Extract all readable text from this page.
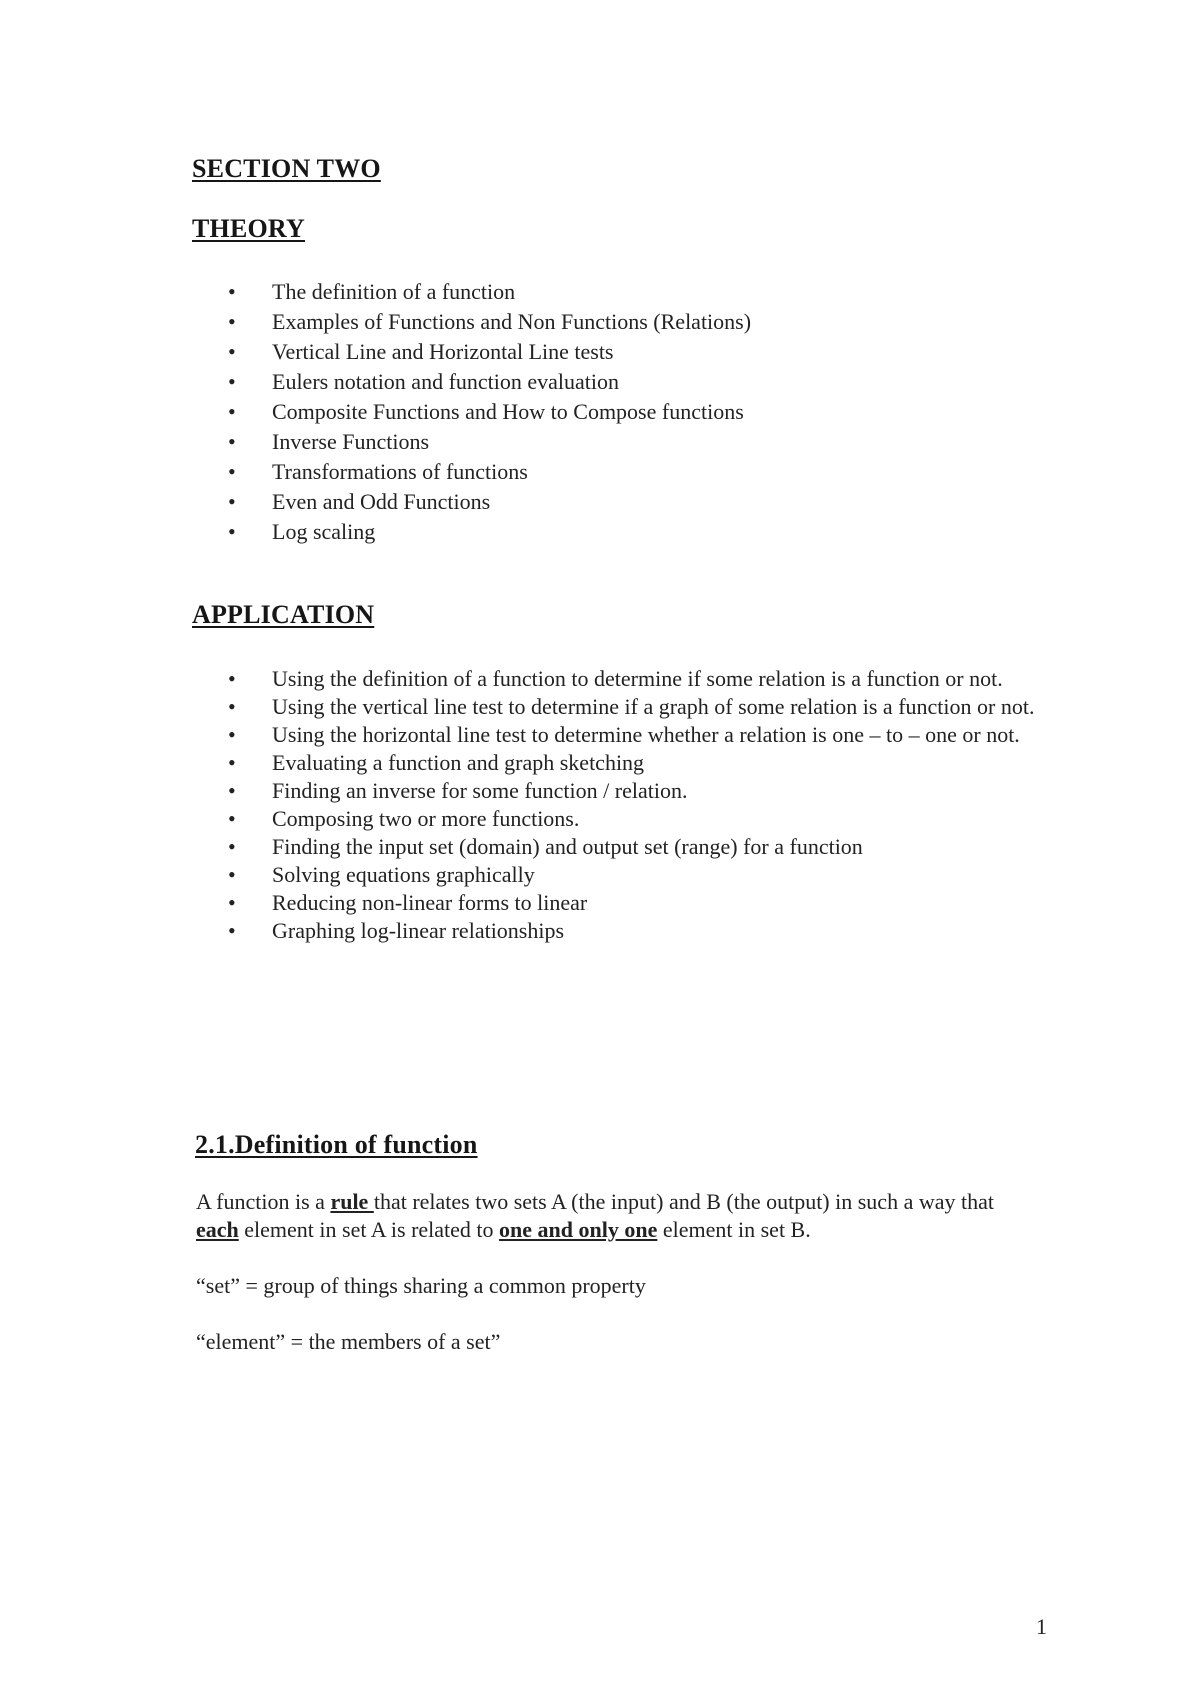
SECTION TWO
THEORY
• The definition of a function
• Examples of Functions and Non Functions (Relations)
• Vertical Line and Horizontal Line tests
• Eulers notation and function evaluation
• Composite Functions and How to Compose functions
• Inverse Functions
• Transformations of functions
• Even and Odd Functions
• Log scaling
APPLICATION
• Using the definition of a function to determine if some relation is a function or not.
• Using the vertical line test to determine if a graph of some relation is a function or not.
• Using the horizontal line test to determine whether a relation is one – to – one or not.
• Evaluating a function and graph sketching
• Finding an inverse for some function / relation.
• Composing two or more functions.
• Finding the input set (domain) and output set (range) for a function
• Solving equations graphically
• Reducing non-linear forms to linear
• Graphing log-linear relationships
2.1.Definition of function

A function is a rule that relates two sets A (the input) and B (the output) in such a way that each element in set A is related to one and only one element in set B.

“set” = group of things sharing a common property

“element” = the members of a set”

1
